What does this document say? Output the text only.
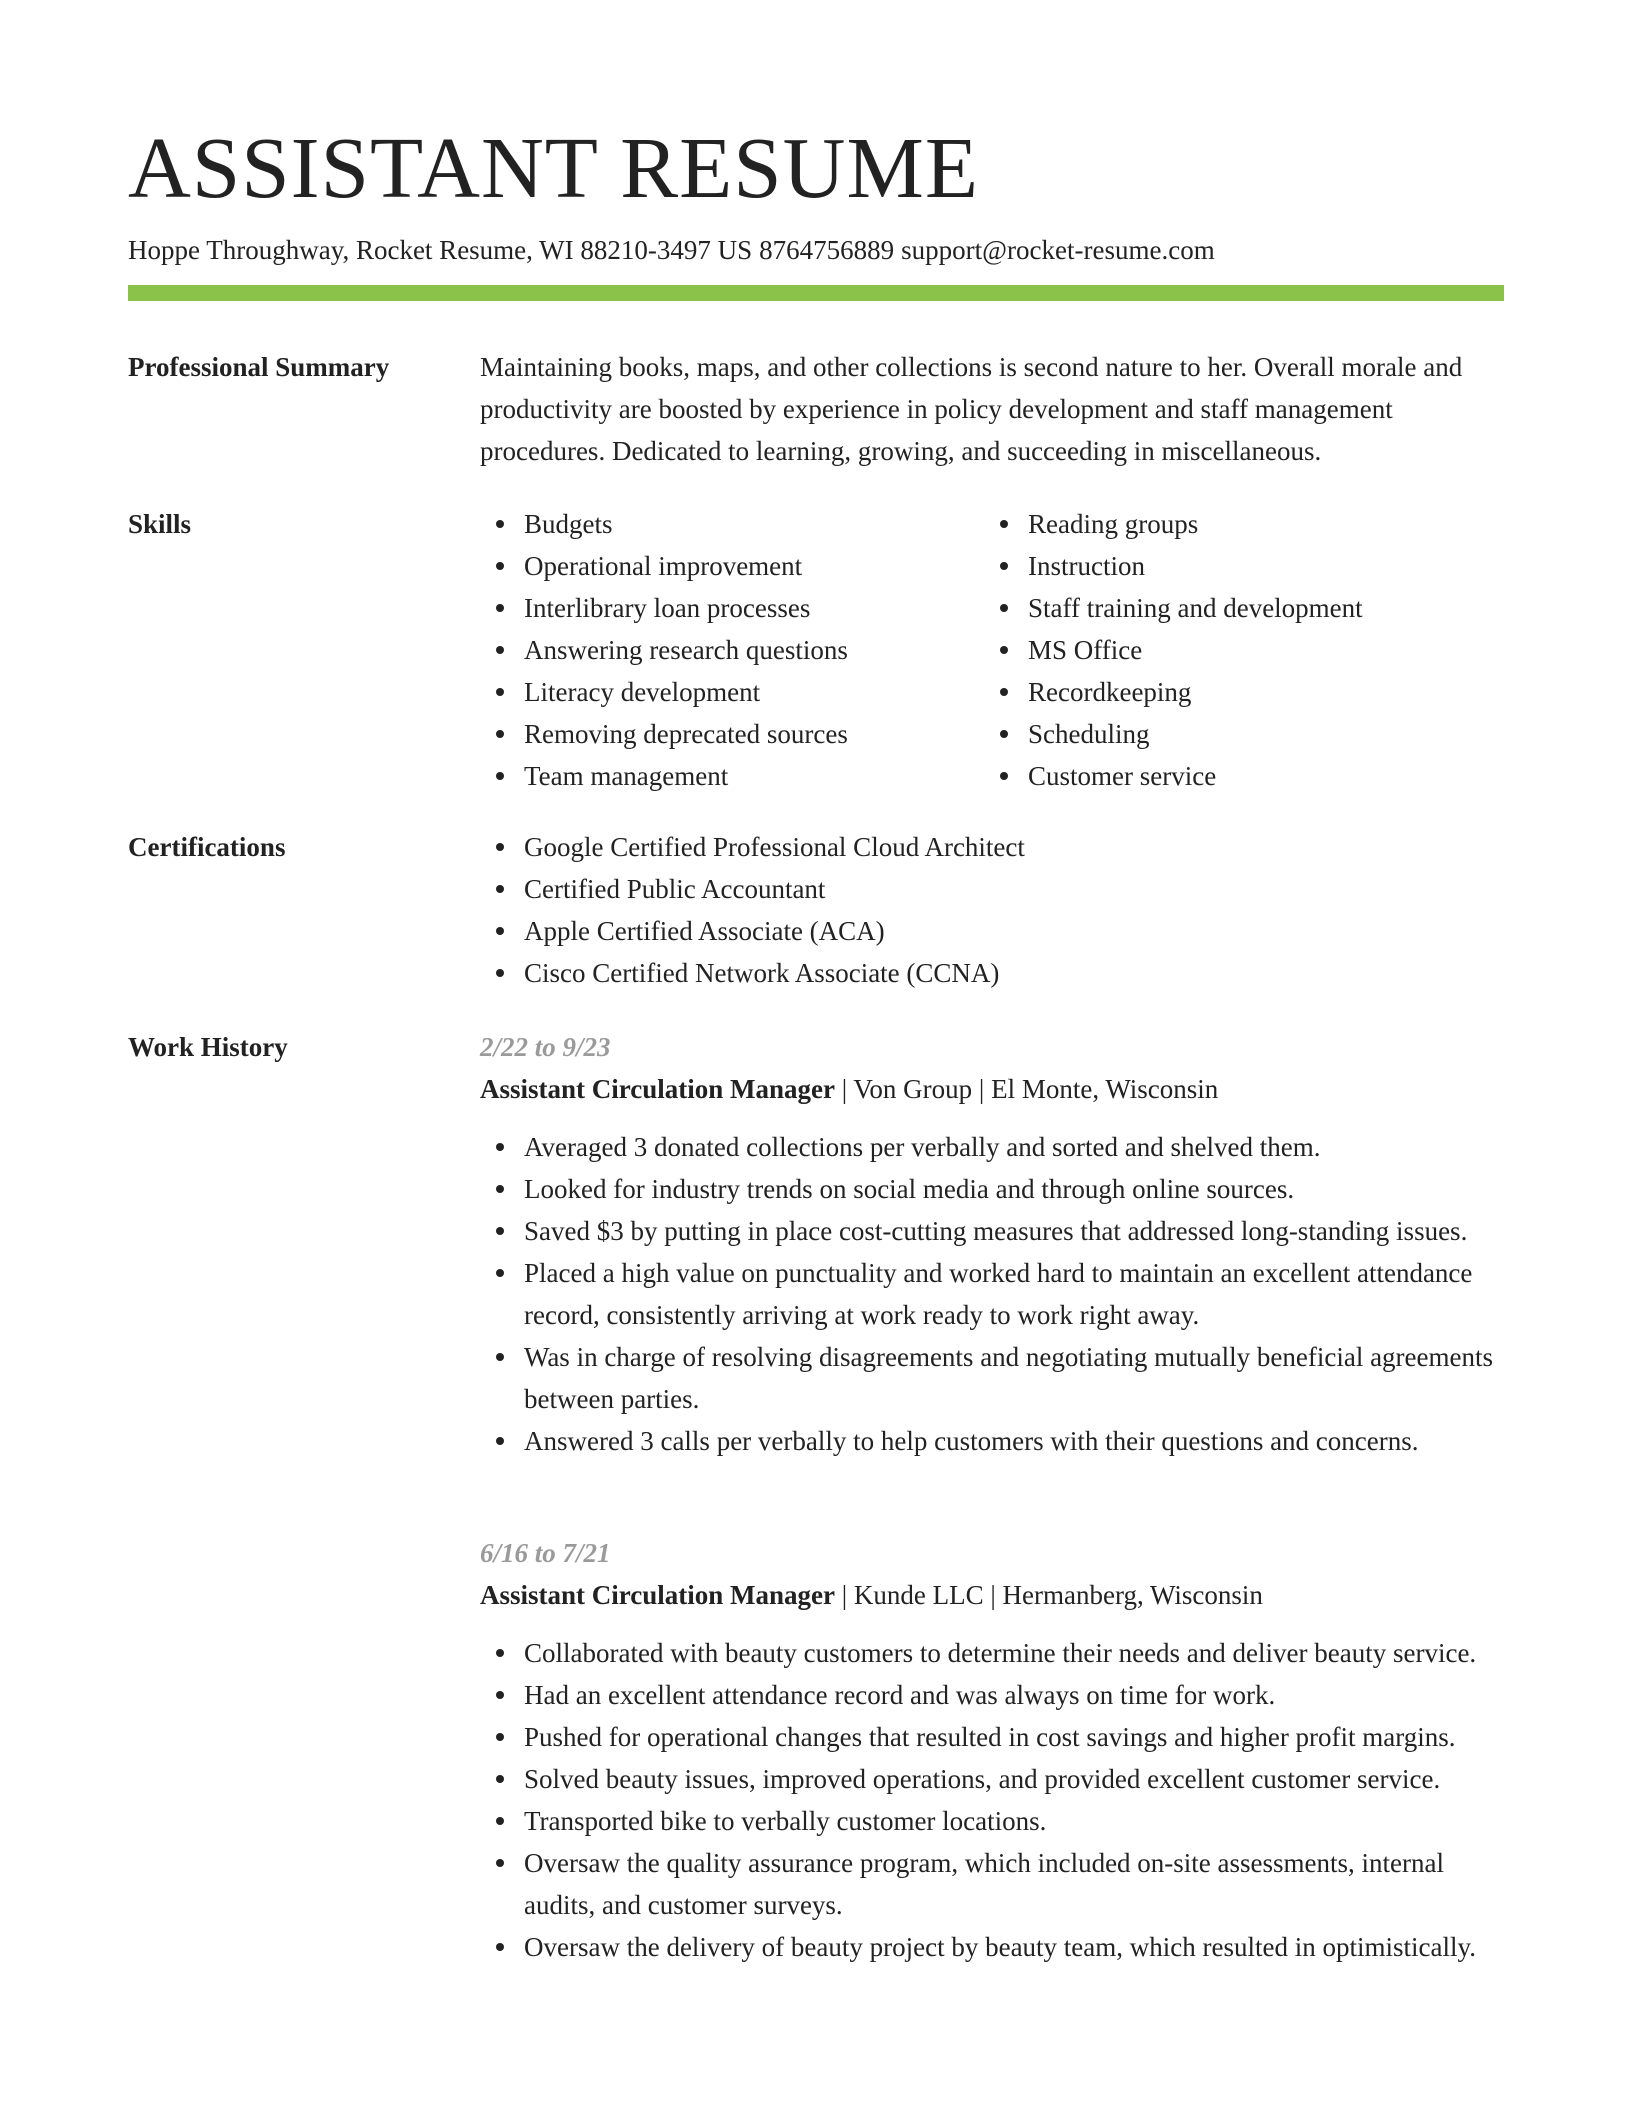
ASSISTANT RESUME
Hoppe Throughway, Rocket Resume, WI 88210-3497 US 8764756889 support@rocket-resume.com
Professional Summary	Maintaining books, maps, and other collections is second nature to her. Overall morale and productivity are boosted by experience in policy development and staff management procedures. Dedicated to learning, growing, and succeeding in miscellaneous.

Skills	Budgets
Operational improvement
Interlibrary loan processes
Answering research questions
Literacy development
Removing deprecated sources
Team management
Reading groups
Instruction
Staff training and development
MS Office
Recordkeeping
Scheduling
Customer service
Certifications	Google Certified Professional Cloud Architect
Certified Public Accountant
Apple Certified Associate (ACA)
Cisco Certified Network Associate (CCNA)
Work History	2/22 to 9/23

Assistant Circulation Manager | Von Group | El Monte, Wisconsin

Averaged 3 donated collections per verbally and sorted and shelved them.
Looked for industry trends on social media and through online sources.
Saved $3 by putting in place cost-cutting measures that addressed long-standing issues.
Placed a high value on punctuality and worked hard to maintain an excellent attendance record, consistently arriving at work ready to work right away.
Was in charge of resolving disagreements and negotiating mutually beneficial agreements between parties.
Answered 3 calls per verbally to help customers with their questions and concerns.

6/16 to 7/21

Assistant Circulation Manager | Kunde LLC | Hermanberg, Wisconsin

Collaborated with beauty customers to determine their needs and deliver beauty service.
Had an excellent attendance record and was always on time for work.
Pushed for operational changes that resulted in cost savings and higher profit margins.
Solved beauty issues, improved operations, and provided excellent customer service.
Transported bike to verbally customer locations.
Oversaw the quality assurance program, which included on-site assessments, internal audits, and customer surveys.
Oversaw the delivery of beauty project by beauty team, which resulted in optimistically.
